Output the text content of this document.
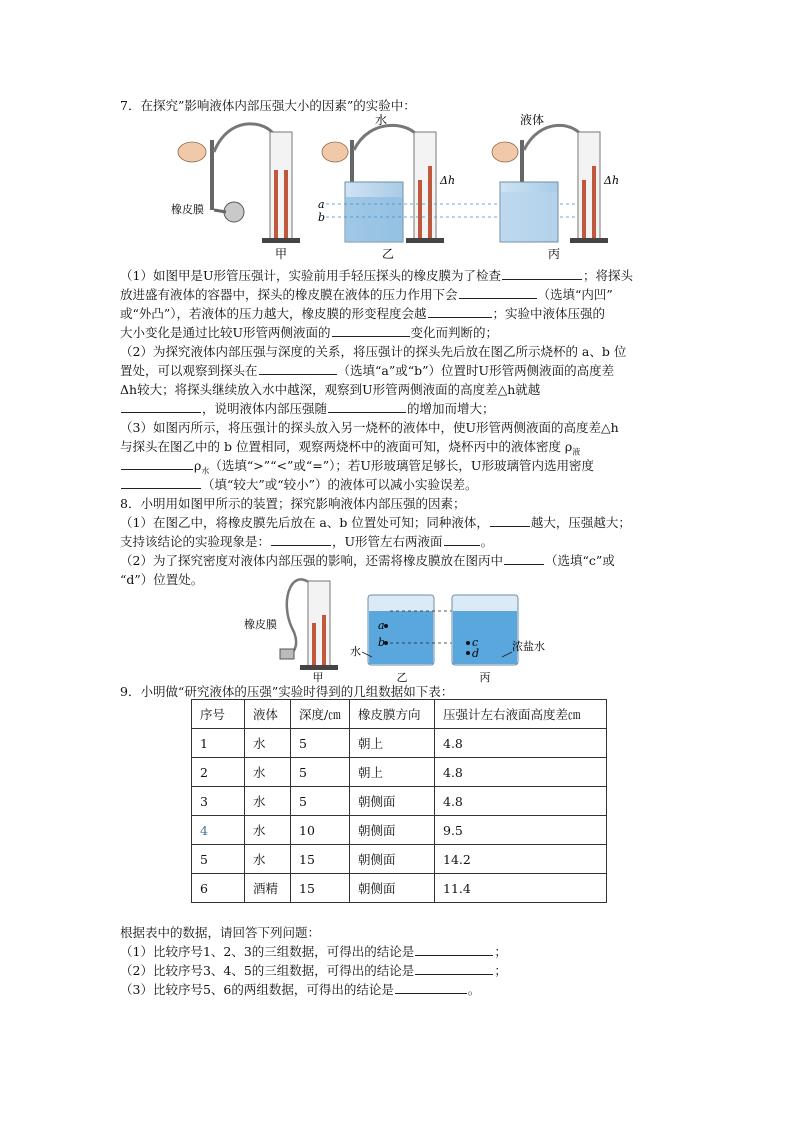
7．在探究”影响液体内部压强大小的因素”的实验中：
橡皮膜
甲
水
Δh
a
b
乙
液体
Δh
丙
（1）如图甲是U形管压强计，实验前用手轻压探头的橡皮膜为了检查	；将探头
放进盛有液体的容器中，探头的橡皮膜在液体的压力作用下会	（选填“内凹”
或“外凸”），若液体的压力越大，橡皮膜的形变程度会越	；实验中液体压强的
大小变化是通过比较U形管两侧液面的	变化而判断的；
（2）为探究液体内部压强与深度的关系，将压强计的探头先后放在图乙所示烧杯的 a、b 位
置处，可以观察到探头在	（选填“a”或“b”）位置时U形管两侧液面的高度差
Δh较大；将探头继续放入水中越深，观察到U形管两侧液面的高度差△h就越
，说明液体内部压强随	的增加而增大；
（3）如图丙所示，将压强计的探头放入另一烧杯的液体中，使U形管两侧液面的高度差△h
与探头在图乙中的 b 位置相同，观察两烧杯中的液面可知，烧杯丙中的液体密度 $\rho_液$
$\rho_水$（选填“>”“<”或“=”）；若U形玻璃管足够长，U形玻璃管内选用密度
（填“较大”或“较小”）的液体可以减小实验误差。
8．小明用如图甲所示的装置；探究影响液体内部压强的因素；
（1）在图乙中，将橡皮膜先后放在 a、b 位置处可知；同种液体，	越大，压强越大；
支持该结论的实验现象是：	，U形管左右两液面	。
（2）为了探究密度对液体内部压强的影响，还需将橡皮膜放在图丙中	（选填“c”或
“d”）位置处。
橡皮膜
甲
a
b
水
乙
c
d
浓盐水
丙
9．小明做“研究液体的压强”实验时得到的几组数据如下表：
序号	液体	深度/㎝	橡皮膜方向	压强计左右液面高度差㎝
1	水	5	朝上	4.8
2	水	5	朝上	4.8
3	水	5	朝侧面	4.8
4	水	10	朝侧面	9.5
5	水	15	朝侧面	14.2
6	酒精	15	朝侧面	11.4
根据表中的数据，请回答下列问题：
（1）比较序号1、2、3的三组数据，可得出的结论是	；
（2）比较序号3、4、5的三组数据，可得出的结论是	；
（3）比较序号5、6的两组数据，可得出的结论是	。
